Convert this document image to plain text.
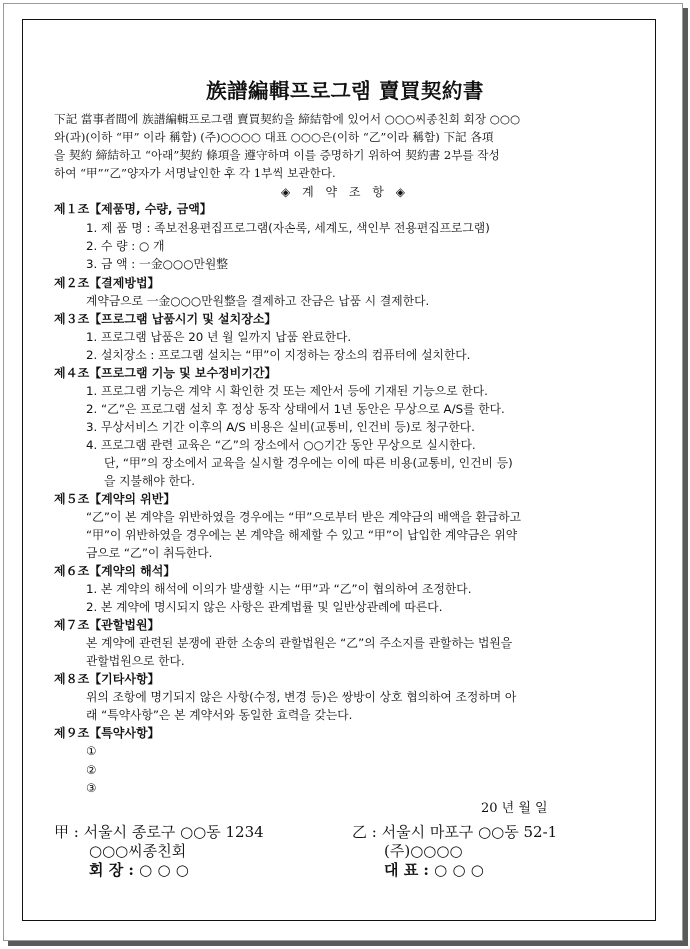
族譜編輯프로그램 賣買契約書
下記 當事者間에 族譜編輯프로그램 賣買契約을 締結함에 있어서 ○○○씨종친회 회장 ○○○
와(과)(이하 “甲” 이라 稱함) (주)○○○○ 대표 ○○○은(이하 “乙”이라 稱함) 下記 各項
을 契約 締結하고 “아래”契約 條項을 遵守하며 이를 증명하기 위하여 契約書 2부를 작성
하여 “甲”“乙”양자가 서명날인한 후 각 1부씩 보관한다.
◈ 계 약 조 항 ◈
제１조【제품명, 수량, 금액】
1. 제 품 명 : 족보전용편집프로그램(자손록, 세계도, 색인부 전용편집프로그램)
2. 수 량 : ○ 개
3. 금 액 : 一金○○○만원整
제２조【결제방법】
계약금으로 一金○○○만원整을 결제하고 잔금은 납품 시 결제한다.
제３조【프로그램 납품시기 및 설치장소】
1. 프로그램 납품은 20 년 월 일까지 납품 완료한다.
2. 설치장소 : 프로그램 설치는 “甲”이 지정하는 장소의 컴퓨터에 설치한다.
제４조【프로그램 기능 및 보수정비기간】
1. 프로그램 기능은 계약 시 확인한 것 또는 제안서 등에 기재된 기능으로 한다.
2. “乙”은 프로그램 설치 후 정상 동작 상태에서 1년 동안은 무상으로 A/S를 한다.
3. 무상서비스 기간 이후의 A/S 비용은 실비(교통비, 인건비 등)로 청구한다.
4. 프로그램 관련 교육은 “乙”의 장소에서 ○○기간 동안 무상으로 실시한다.
단, “甲”의 장소에서 교육을 실시할 경우에는 이에 따른 비용(교통비, 인건비 등)
을 지불해야 한다.
제５조【계약의 위반】
“乙”이 본 계약을 위반하였을 경우에는 “甲”으로부터 받은 계약금의 배액을 환급하고
“甲”이 위반하였을 경우에는 본 계약을 해제할 수 있고 “甲”이 납입한 계약금은 위약
금으로 “乙”이 취득한다.
제６조【계약의 해석】
1. 본 계약의 해석에 이의가 발생할 시는 “甲”과 “乙”이 협의하여 조정한다.
2. 본 계약에 명시되지 않은 사항은 관계법률 및 일반상관례에 따른다.
제７조【관할법원】
본 계약에 관련된 분쟁에 관한 소송의 관할법원은 “乙”의 주소지를 관할하는 법원을
관할법원으로 한다.
제８조【기타사항】
위의 조항에 명기되지 않은 사항(수정, 변경 등)은 쌍방이 상호 협의하여 조정하며 아
래 “특약사항”은 본 계약서와 동일한 효력을 갖는다.
제９조【특약사항】
①
②
③
20 년 월 일
甲 : 서울시 종로구 ○○동 1234
○○○씨종친회
회 장 : ○ ○ ○
乙 : 서울시 마포구 ○○동 52-1
(주)○○○○
대 표 : ○ ○ ○
